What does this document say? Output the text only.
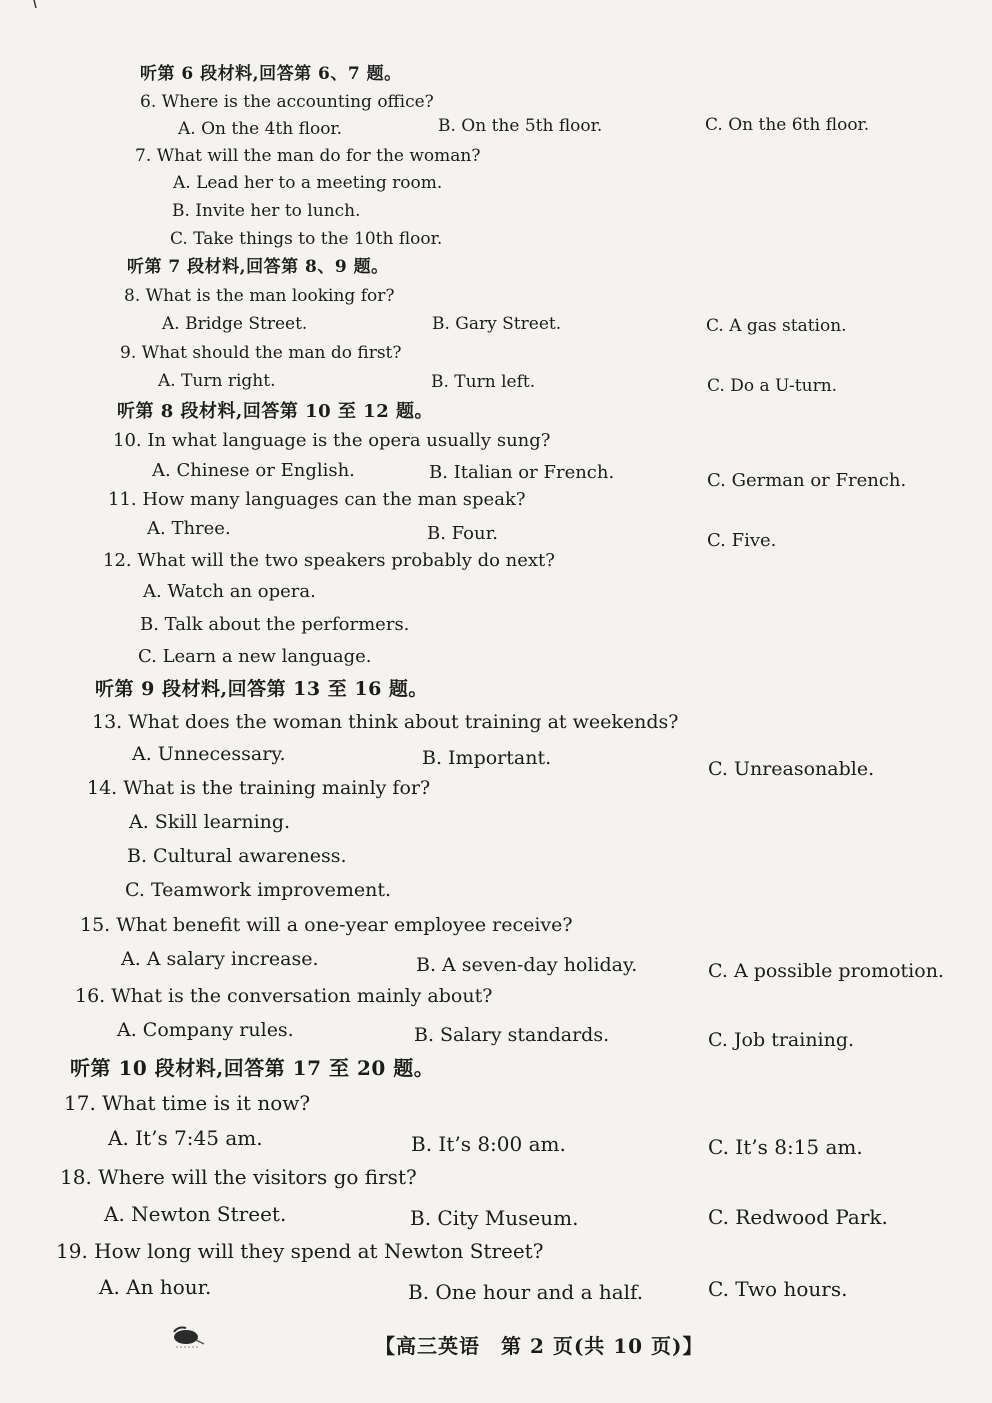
听第 6 段材料,回答第 6、7 题。
6. Where is the accounting office?
A. On the 4th floor.	B. On the 5th floor.	C. On the 6th floor.
7. What will the man do for the woman?
A. Lead her to a meeting room.
B. Invite her to lunch.
C. Take things to the 10th floor.
听第 7 段材料,回答第 8、9 题。
8. What is the man looking for?
A. Bridge Street.	B. Gary Street.	C. A gas station.
9. What should the man do first?
A. Turn right.	B. Turn left.	C. Do a U-turn.
听第 8 段材料,回答第 10 至 12 题。
10. In what language is the opera usually sung?
A. Chinese or English.	B. Italian or French.	C. German or French.
11. How many languages can the man speak?
A. Three.	B. Four.	C. Five.
12. What will the two speakers probably do next?
A. Watch an opera.
B. Talk about the performers.
C. Learn a new language.
听第 9 段材料,回答第 13 至 16 题。
13. What does the woman think about training at weekends?
A. Unnecessary.	B. Important.	C. Unreasonable.
14. What is the training mainly for?
A. Skill learning.
B. Cultural awareness.
C. Teamwork improvement.
15. What benefit will a one-year employee receive?
A. A salary increase.	B. A seven-day holiday.	C. A possible promotion.
16. What is the conversation mainly about?
A. Company rules.	B. Salary standards.	C. Job training.
听第 10 段材料,回答第 17 至 20 题。
17. What time is it now?
A. It’s 7:45 am.	B. It’s 8:00 am.	C. It’s 8:15 am.
18. Where will the visitors go first?
A. Newton Street.	B. City Museum.	C. Redwood Park.
19. How long will they spend at Newton Street?
A. An hour.	B. One hour and a half.	C. Two hours.
【高三英语　第 2 页(共 10 页)】
